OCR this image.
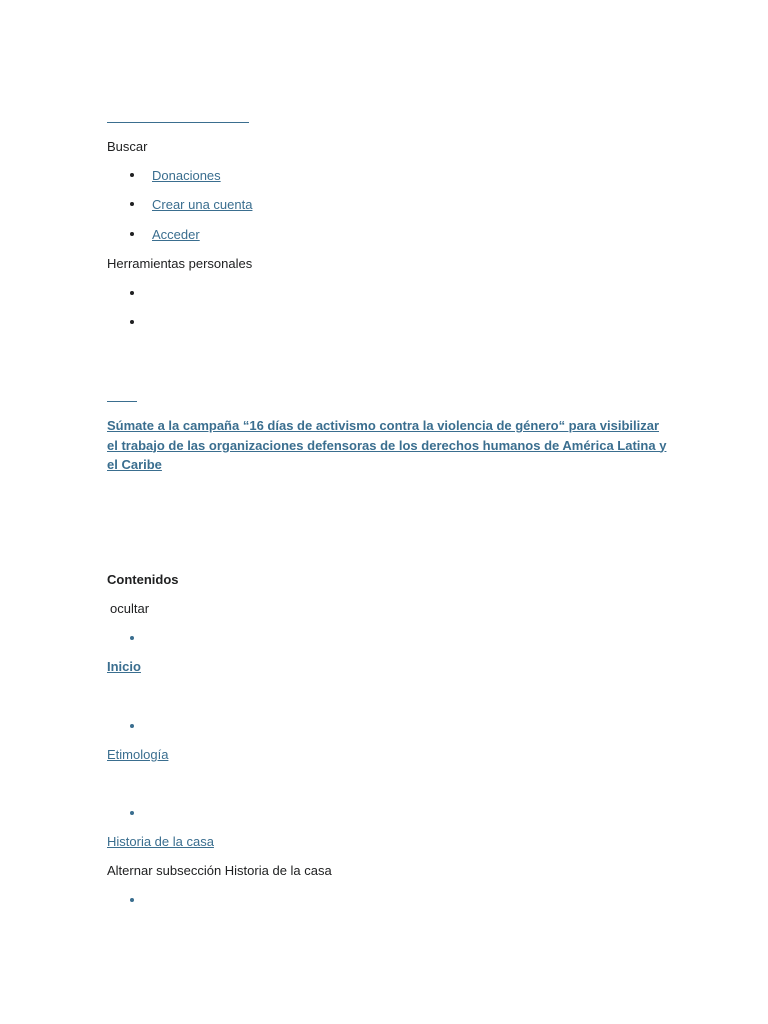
Buscar
Donaciones
Crear una cuenta
Acceder
Herramientas personales
Súmate a la campaña “16 días de activismo contra la violencia de género“ para visibilizar el trabajo de las organizaciones defensoras de los derechos humanos de América Latina y el Caribe
Contenidos
ocultar
Inicio
Etimología
Historia de la casa
Alternar subsección Historia de la casa
